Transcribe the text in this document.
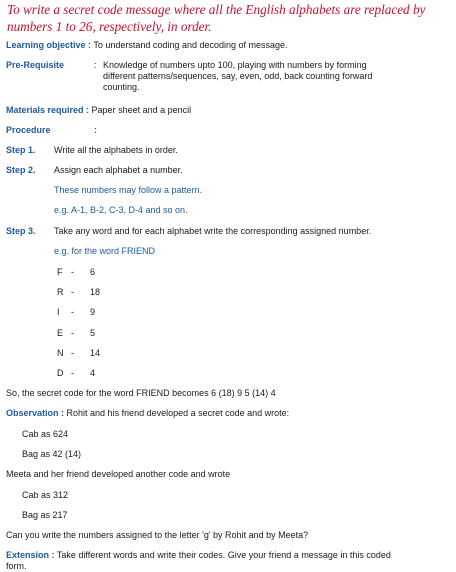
To write a secret code message where all the English alphabets are replaced by numbers 1 to 26, respectively, in order.

Learning objective : To understand coding and decoding of message.
Pre-Requisite	: Knowledge of numbers upto 100, playing with numbers by forming
different patterns/sequences, say, even, odd, back counting forward
counting.
Materials required : Paper sheet and a pencil
Procedure	:
Step 1. Write all the alphabets in order.
Step 2. Assign each alphabet a number.
These numbers may follow a pattern.
e.g. A-1, B-2, C-3, D-4 and so on.
Step 3. Take any word and for each alphabet write the corresponding assigned number.
e.g. for the word FRIEND
F - 6
R - 18
I - 9
E - 5
N - 14
D - 4
So, the secret code for the word FRIEND becomes 6 (18) 9 5 (14) 4
Observation : Rohit and his friend developed a secret code and wrote:
Cab as 624
Bag as 42 (14)
Meeta and her friend developed another code and wrote
Cab as 312
Bag as 217
Can you write the numbers assigned to the letter 'g' by Rohit and by Meeta?
Extension : Take different words and write their codes. Give your friend a message in this coded
form.
